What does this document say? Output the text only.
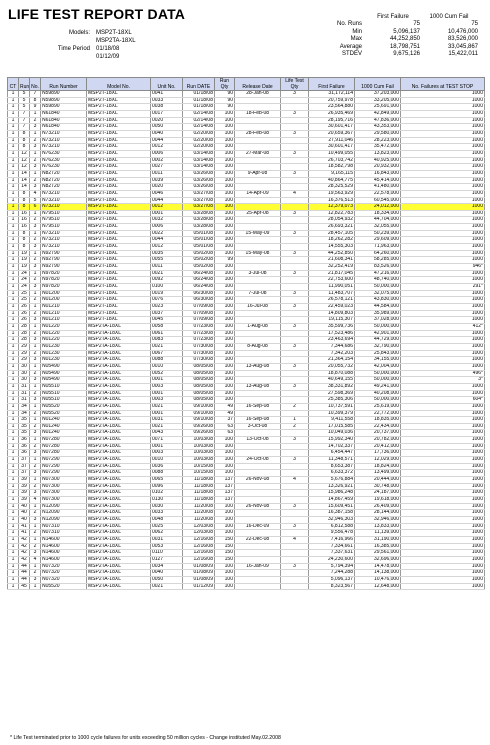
LIFE TEST REPORT DATA
Models:	MSP2T-18XL
MSP2TA-18XL
Time Period	01/18/08
01/12/09
First Failure	1000 Cum Fail
No. Runs	75	75
Min	5,096,137	10,476,000
Max	44,252,850	83,526,000
Average	18,798,751	33,045,867
STDEV	9,675,126	15,422,011
CT	Run	No.	Run Number	Model No.	Unit No.	Run DATE	Run Qty	Release Date	Life Test Qty	First Failure	1000 Cum Fail	No. Failures at TEST STOP
1	5	7	N59890	MSP2T-18XL	0041	01/18/08	90	28-Jan-08	3	31,172,114	37,203,000	1000
1	5	8	N59890	MSP2T-18XL	0033	01/18/08	90			20,759,978	33,205,000	1000
1	5	9	N59890	MSP2T-18XL	0038	01/18/08	90			23,564,880	25,691,000	1000
1	7	1	N61840	MSP2T-18XL	0017	02/14/08	100	18-Feb-08	3	26,935,469	42,849,000	1000
1	7	2	N61840	MSP2T-18XL	0020	02/14/08	100			28,195,716	47,836,000	1000
1	7	3	N61840	MSP2T-18XL	0050	02/14/08	100			30,601,417	43,353,000	1000
1	8	1	N73210	MSP2T-18XL	0040	02/20/08	100	28-Feb-08	3	20,659,367	29,580,000	1000
1	8	2	N73210	MSP2T-18XL	0044	02/20/08	100			27,911,046	28,223,000	1000
1	8	3	N73210	MSP2T-18XL	0012	02/20/08	100			30,601,417	35,472,000	1000
1	12	1	N76230	MSP2T-18XL	0006	03/14/08	100	27-Mar-08	3	10,499,055	13,823,000	1000
1	12	2	N76230	MSP2T-18XL	0002	03/14/08	100			26,703,742	40,925,000	1000
1	12	3	N76230	MSP2T-18XL	0027	03/14/08	100			18,582,798	20,932,000	1000
1	14	1	N82720	MSP2T-18XL	0011	03/26/08	100	9-Apr-08	3	9,165,115	16,843,000	1000
1	14	2	N82720	MSP2T-18XL	0039	03/26/08	100			40,864,775	45,414,000	1000
1	14	3	N82720	MSP2T-18XL	0020	03/26/08	100			28,325,529	41,480,000	1000
1	8	4	N73210	MSP2T-18XL	0046	03/27/08	100	14-Apr-09	4	19,563,929	22,578,000	1000
1	8	5	N73210	MSP2T-18XL	0044	03/27/08	100			16,376,513	60,545,000	1000
1	8	6	N73210	MSP2T-18XL	0012	03/27/08	100			12,379,073	24,012,000	1000
1	16	1	N79510	MSP2T-18XL	0001	03/28/08	100	25-Apr-08	3	12,822,783	18,334,000	1000
1	16	2	N79510	MSP2T-18XL	0032	03/28/08	100			28,054,932	44,704,000	1000
1	16	3	N79510	MSP2T-18XL	0006	03/28/08	100			26,693,321	32,055,000	1000
1	8	1	N73210	MSP2T-18XL	0022	05/01/08	100	15-May-09	3	28,457,105	50,239,000	1000
1	8	2	N73210	MSP2T-18XL	0044	05/01/08	100			18,262,282	29,609,000	1000
1	8	3	N73210	MSP2T-18XL	0012	05/01/08	100			14,555,303	71,963,000	1000
1	19	1	N92790	MSP2T-18XL	0035	05/02/08	100	15-May-08	3	44,252,850	64,260,000	1000
1	19	2	N92790	MSP2T-18XL	0055	05/02/08	99			21,608,341	58,285,000	1000
1	19	3	N92790	MSP2T-18XL	0011	05/02/08	100			32,252,419	83,526,000	946*
1	24	1	N97820	MSP2T-18XL	0021	06/24/08	100	3-Jul-08	3	21,817,045	47,216,000	1000
1	24	2	N97820	MSP2T-18XL	0092	06/24/08	100			22,753,600	48,740,000	1000
1	24	3	N97820	MSP2T-18XL	0100	06/24/08	100			11,990,051	50,000,000	291*
1	25	1	N01200	MSP2T-18XL	0019	06/30/08	100	7-Jul-08	3	11,483,707	32,075,000	1000
1	25	2	N01200	MSP2T-18XL	0076	06/30/08	100			26,578,121	43,830,000	1000
1	26	1	N01210	MSP2T-18XL	0023	07/09/08	100	16-Jul-08	3	22,459,023	44,584,000	1000
1	26	2	N01210	MSP2T-18XL	0037	07/09/08	100			14,809,803	35,989,000	1000
1	26	3	N01210	MSP2T-18XL	0045	07/09/08	100			19,115,307	37,028,000	1000
1	28	1	N01220	MSP2TA-18XL	0058	07/23/08	100	1-Aug-08	3	35,599,736	50,000,000	412*
1	28	2	N01220	MSP2TA-18XL	0061	07/23/08	100			17,523,486	42,901,000	1000
1	28	3	N01220	MSP2TA-18XL	0083	07/23/08	100			23,463,694	44,729,000	1000
1	29	1	N01230	MSP2TA-18XL	0021	07/30/08	100	8-Aug-08	3	7,344,686	32,790,000	1000
1	29	2	N01230	MSP2TA-18XL	0067	07/30/08	100			7,342,203	25,843,000	1000
1	29	3	N01230	MSP2TA-18XL	0088	07/30/08	100			21,364,154	34,155,000	1000
1	30	1	N05490	MSP2TA-18XL	0010	08/05/08	100	13-Aug-08	3	20,055,732	42,004,000	1000
1	30	2	N05490	MSP2TA-18XL	0052	08/05/08	100			18,870,088	50,000,000	496*
1	30	3	N05490	MSP2TA-18XL	0001	08/05/08	100			40,649,155	50,000,000	3*
1	31	1	N05510	MSP2TA-18XL	0003	08/05/08	100	13-Aug-08	3	38,331,892	49,241,000	1000
1	31	2	N05510	MSP2TA-18XL	0001	08/05/08	100			27,598,369	40,208,000	1000
1	31	3	N05510	MSP2TA-18XL	0003	08/05/08	100			25,385,306	50,000,000	604*
1	34	1	N05520	MSP2TA-18XL	0021	09/10/08	49	16-Sep-08	2	10,737,591	25,619,000	1000
1	34	2	N05520	MSP2TA-18XL	0001	09/10/08	49			10,399,379	22,772,000	1000
1	35	1	N01240	MSP2TA-18XL	0031	09/10/08	37	16-Sep-08	1	9,411,558	18,835,000	1000
1	35	2	N01240	MSP2TA-18XL	0021	09/26/08	63	3-Oct-08	2	17,015,585	22,434,000	1000
1	35	3	N01240	MSP2TA-18XL	0043	09/26/08	63			10,049,036	20,737,000	1000
1	36	1	N07280	MSP2TA-18XL	0071	10/03/08	100	13-Oct-08	3	15,992,340	20,782,000	1000
1	36	2	N07280	MSP2TA-18XL	0001	10/03/08	100			14,702,337	20,412,000	1000
1	36	3	N07280	MSP2TA-18XL	0003	10/03/08	100			6,454,447	17,736,000	1000
1	37	1	N07290	MSP2TA-18XL	0010	10/03/08	100	24-Oct-08	3	11,348,571	12,029,000	1000
1	37	2	N07290	MSP2TA-18XL	0036	10/15/08	100			8,653,387	18,824,000	1000
1	37	3	N07290	MSP2TA-18XL	0088	10/15/08	100			6,633,372	13,499,000	1000
1	39	1	N07300	MSP2TA-18XL	0065	11/18/08	137	26-Nov-08	4	5,676,884	20,444,000	1000
1	39	2	N07300	MSP2TA-18XL	0096	11/18/08	137			13,326,921	30,748,000	1000
1	39	3	N07300	MSP2TA-18XL	0102	11/18/08	137			15,986,248	24,187,000	1000
1	39	4	N07300	MSP2TA-18XL	0130	11/18/08	137			14,867,459	19,618,000	1000
1	40	1	N12090	MSP2TA-18XL	0030	11/20/08	100	26-Nov-08	3	15,609,451	26,409,000	1000
1	40	2	N12090	MSP2TA-18XL	0033	11/20/08	100			16,387,158	28,144,000	1000
1	40	3	N12090	MSP2TA-18XL	0048	11/20/08	100			32,946,303	32,946,000	1000
1	41	1	N07310	MSP2TA-18XL	0025	12/03/08	100	16-Dec-09	3	6,812,588	13,833,000	1000
1	41	2	N07310	MSP2TA-18XL	0062	12/03/08	100			9,556,478	11,139,000	1000
1	42	1	N14600	MSP2TA-18XL	0031	12/16/08	150	22-Dec-08	4	7,416,966	31,190,000	1000
1	42	2	N14600	MSP2TA-18XL	0053	12/16/08	150			7,334,661	16,385,000	1000
1	42	3	N14600	MSP2TA-18XL	0110	12/16/08	150			7,337,631	29,561,000	1000
1	42	4	N14600	MSP2TA-18XL	0127	12/16/08	150			24,230,600	32,696,000	1000
1	44	1	N07320	MSP2TA-18XL	0034	01/08/09	100	16-Jan-09	3	5,794,394	14,478,000	1000
1	44	2	N07320	MSP2TA-18XL	0040	01/08/09	100			7,244,288	14,138,000	1000
1	44	3	N07320	MSP2TA-18XL	0050	01/08/09	100			5,096,137	10,476,000	1000
1	45	1	N05520	MSP2TA-18XL	0021	01/12/09	100			8,323,567	12,648,000	1000
* Life Test terminated prior to 1000 cycle failures for units exceeding 50 million cycles - Change instituted May.02.2008
